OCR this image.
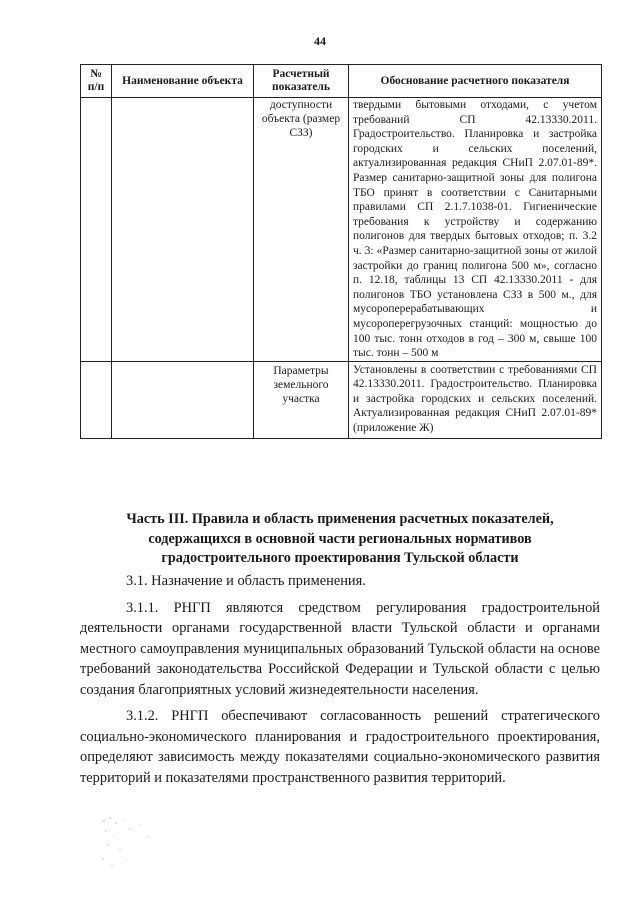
44
№ п/п	Наименование объекта	Расчетный показатель	Обоснование расчетного показателя
		доступности объекта (размер СЗЗ)	твердыми бытовыми отходами, с учетом требований СП 42.13330.2011. Градостроительство. Планировка и застройка городских и сельских поселений, актуализированная редакция СНиП 2.07.01-89*. Размер санитарно-защитной зоны для полигона ТБО принят в соответствии с Санитарными правилами СП 2.1.7.1038-01. Гигиенические требования к устройству и содержанию полигонов для твердых бытовых отходов; п. 3.2 ч. 3: «Размер санитарно-защитной зоны от жилой застройки до границ полигона 500 м», согласно п. 12.18, таблицы 13 СП 42.13330.2011 - для полигонов ТБО установлена СЗЗ в 500 м., для мусороперерабатывающих и мусороперегрузочных станций: мощностью до 100 тыс. тонн отходов в год – 300 м, свыше 100 тыс. тонн – 500 м
		Параметры земельного участка	Установлены в соответствии с требованиями СП 42.13330.2011. Градостроительство. Планировка и застройка городских и сельских поселений. Актуализированная редакция СНиП 2.07.01-89* (приложение Ж)
Часть III. Правила и область применения расчетных показателей, содержащихся в основной части региональных нормативов градостроительного проектирования Тульской области

3.1. Назначение и область применения.

3.1.1. РНГП являются средством регулирования градостроительной деятельности органами государственной власти Тульской области и органами местного самоуправления муниципальных образований Тульской области на основе требований законодательства Российской Федерации и Тульской области с целью создания благоприятных условий жизнедеятельности населения.

3.1.2. РНГП обеспечивают согласованность решений стратегического социально-экономического планирования и градостроительного проектирования, определяют зависимость между показателями социально-экономического развития территорий и показателями пространственного развития территорий.
